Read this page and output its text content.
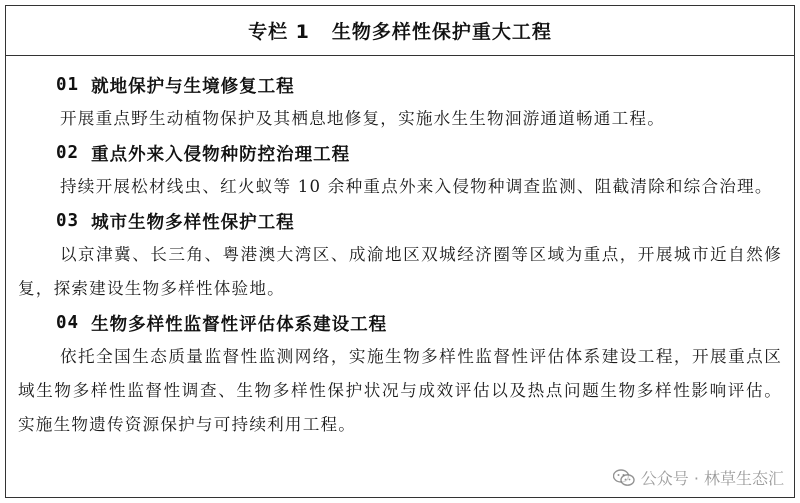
专栏 1 生物多样性保护重大工程
01 就地保护与生境修复工程

开展重点野生动植物保护及其栖息地修复，实施水生生物洄游通道畅通工程。

02 重点外来入侵物种防控治理工程

持续开展松材线虫、红火蚁等 10 余种重点外来入侵物种调查监测、阻截清除和综合治理。

03 城市生物多样性保护工程

以京津冀、长三角、粤港澳大湾区、成渝地区双城经济圈等区域为重点，开展城市近自然修复，探索建设生物多样性体验地。

04 生物多样性监督性评估体系建设工程

依托全国生态质量监督性监测网络，实施生物多样性监督性评估体系建设工程，开展重点区域生物多样性监督性调查、生物多样性保护状况与成效评估以及热点问题生物多样性影响评估。实施生物遗传资源保护与可持续利用工程。

公众号 · 林草生态汇
